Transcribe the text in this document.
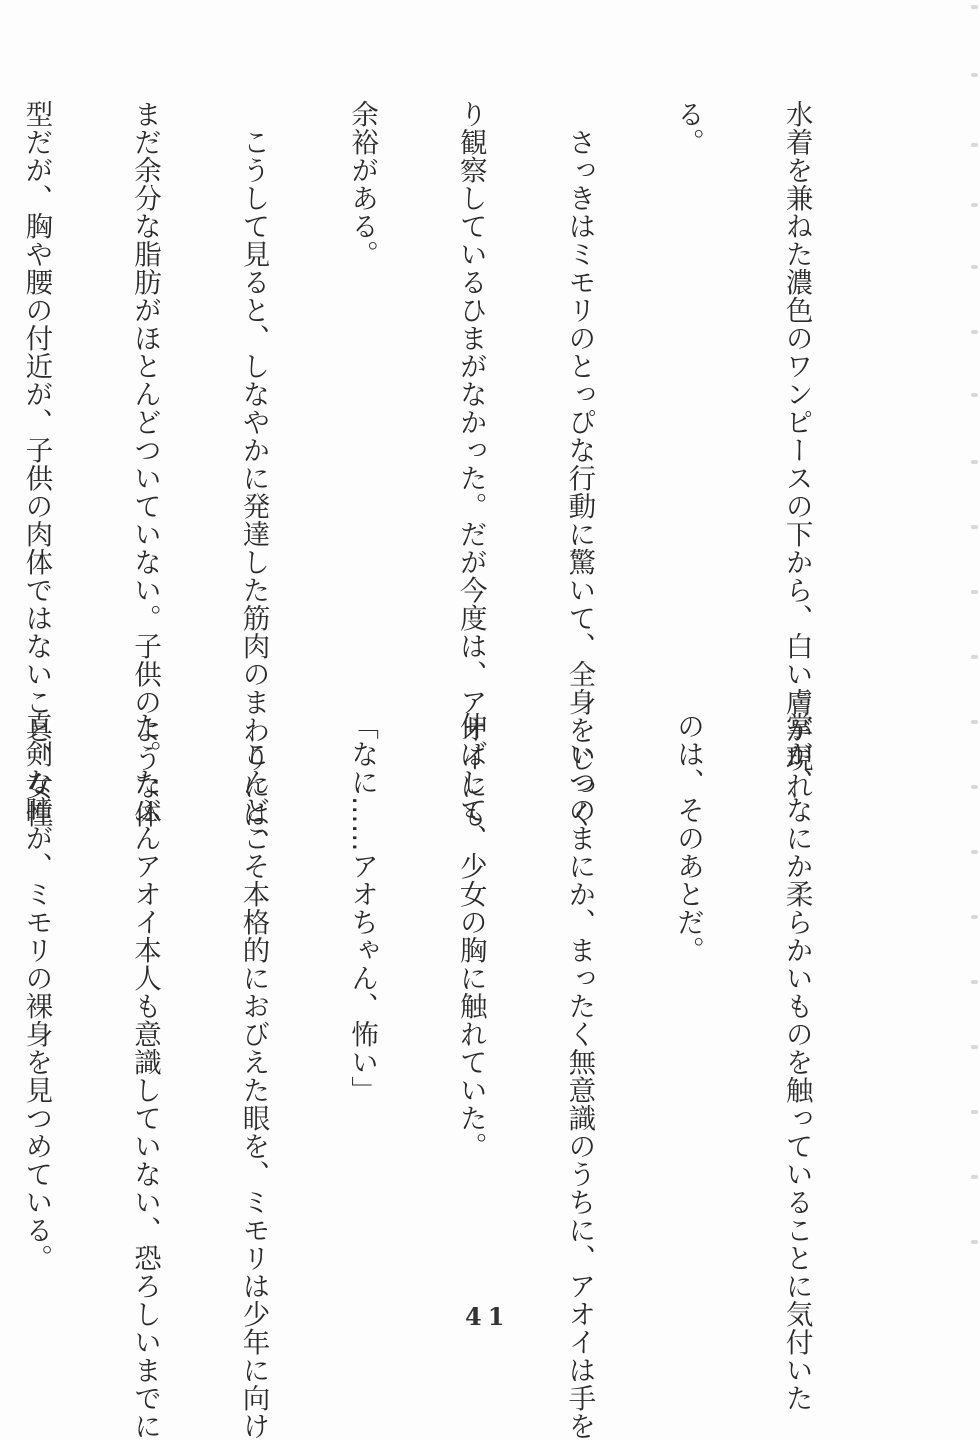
水着を兼ねた濃色のワンピースの下から、白い膚が現れ

る。

　さっきはミモリのとっぴな行動に驚いて、全身をじっく

り観察しているひまがなかった。だが今度は、アオイにも

余裕がある。

　こうして見ると、しなやかに発達した筋肉のまわりには、

まだ余分な脂肪がほとんどついていない。子供のような体

型だが、胸や腰の付近が、子供の肉体ではないこと、女性

掌が、なにか柔らかいものを触っていることに気付いた

のは、そのあとだ。

　いつのまにか、まったく無意識のうちに、アオイは手を

伸ばして、少女の胸に触れていた。

「なに……アオちゃん、怖い」

　こんどこそ本格的におびえた眼を、ミモリは少年に向け

た。たぶんアオイ本人も意識していない、恐ろしいまでに

真剣な瞳が、ミモリの裸身を見つめている。

41
